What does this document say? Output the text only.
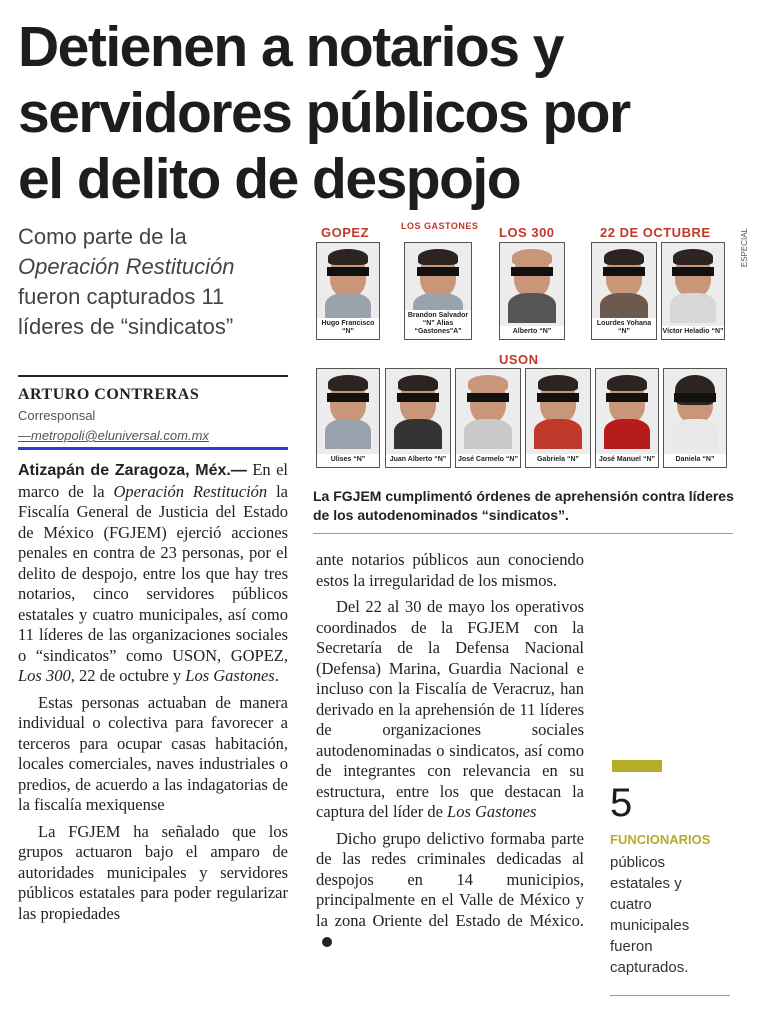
Detienen a notarios y
servidores públicos por
el delito de despojo
Como parte de la
Operación Restitución
fueron capturados 11
líderes de “sindicatos”
ARTURO CONTRERAS
Corresponsal
—metropoli@eluniversal.com.mx

Atizapán de Zaragoza, Méx.— En el marco de la Operación Restitución la Fiscalía General de Justicia del Estado de México (FGJEM) ejerció acciones penales en contra de 23 personas, por el delito de despojo, entre los que hay tres notarios, cinco servidores públicos estatales y cuatro municipales, así como 11 líderes de las organizaciones sociales o “sindicatos” como USON, GOPEZ, Los 300, 22 de octubre y Los Gastones.

Estas personas actuaban de manera individual o colectiva para favorecer a terceros para ocupar casas habitación, locales comerciales, naves industriales o predios, de acuerdo a las indagatorias de la fiscalía mexiquense

La FGJEM ha señalado que los grupos actuaron bajo el amparo de autoridades municipales y servidores públicos estatales para poder regularizar las propiedades

ante notarios públicos aun conociendo estos la irregularidad de los mismos.

Del 22 al 30 de mayo los operativos coordinados de la FGJEM con la Secretaría de la Defensa Nacional (Defensa) Marina, Guardia Nacional e incluso con la Fiscalía de Veracruz, han derivado en la aprehensión de 11 líderes de organizaciones sociales autodenominadas o sindicatos, así como de integrantes con relevancia en su estructura, entre los que destacan la captura del líder de Los Gastones

Dicho grupo delictivo formaba parte de las redes criminales dedicadas al despojos en 14 municipios, principalmente en el Valle de México y la zona Oriente del Estado de México.

GOPEZ	LOS GASTONES LOS 300	22 DE OCTUBRE
Hugo Francisco “N”
Brandon Salvador “N” Alias “Gastones"A"	Alberto “N”
Lourdes Yohana “N”	Víctor Heladio “N”
USON
Ulises “N”	Juan Alberto “N”	José Carmelo “N”	Gabriela “N”	José Manuel “N”	Daniela “N”
ESPECIAL
La FGJEM cumplimentó órdenes de aprehensión contra líderes de los autodenominados “sindicatos”.
5
FUNCIONARIOS
públicos
estatales y
cuatro
municipales
fueron
capturados.
